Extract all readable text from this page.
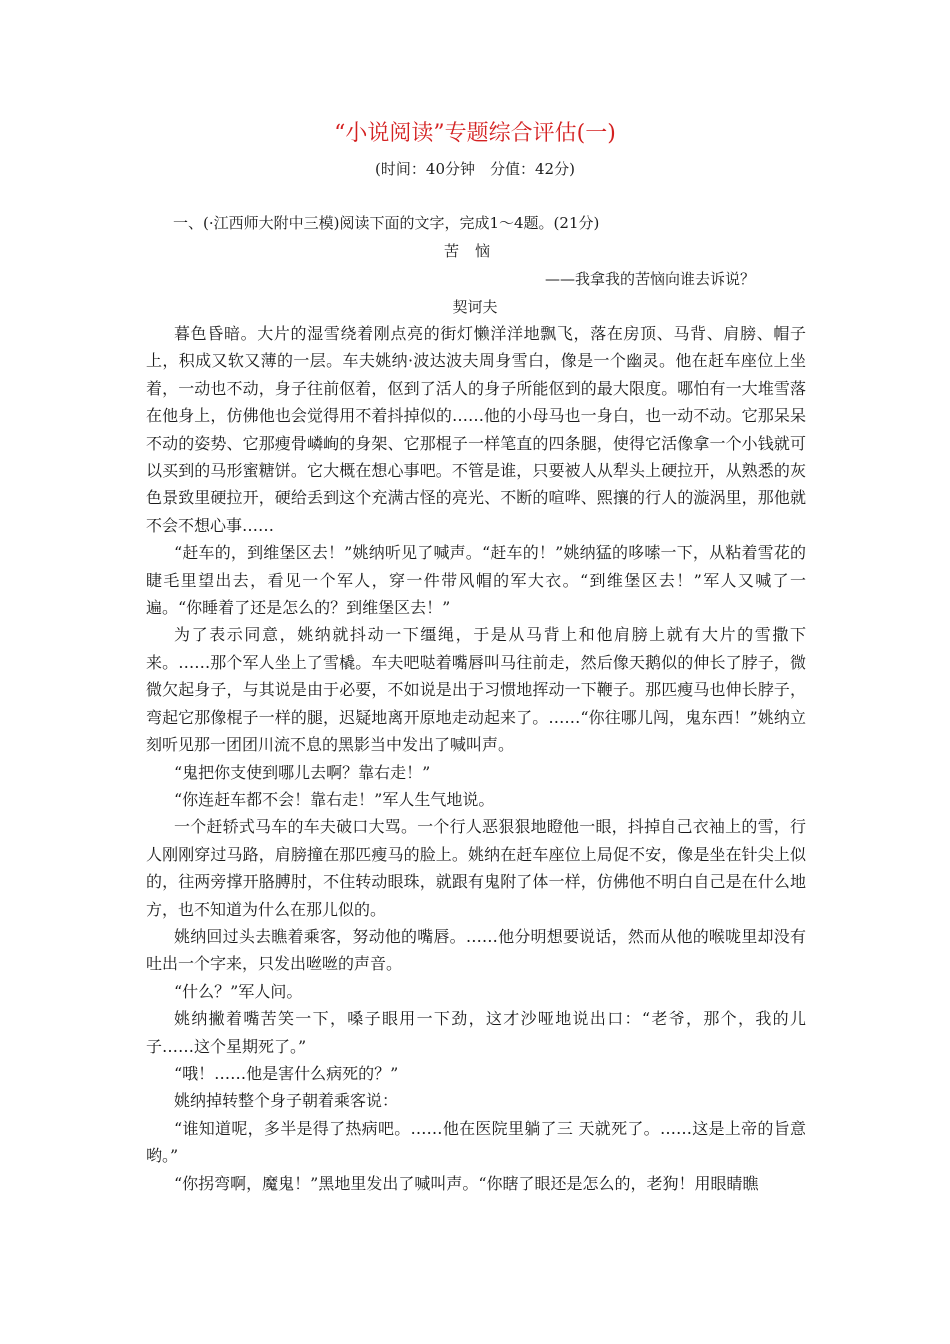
“小说阅读”专题综合评估(一)
(时间：40分钟　分值：42分)
一、(·江西师大附中三模)阅读下面的文字，完成1～4题。(21分)
苦恼
——我拿我的苦恼向谁去诉说？
契诃夫

暮色昏暗。大片的湿雪绕着刚点亮的街灯懒洋洋地飘飞，落在房顶、马背、肩膀、帽子上，积成又软又薄的一层。车夫姚纳·波达波夫周身雪白，像是一个幽灵。他在赶车座位上坐着，一动也不动，身子往前伛着，伛到了活人的身子所能伛到的最大限度。哪怕有一大堆雪落在他身上，仿佛他也会觉得用不着抖掉似的……他的小母马也一身白，也一动不动。它那呆呆不动的姿势、它那瘦骨嶙峋的身架、它那棍子一样笔直的四条腿，使得它活像拿一个小钱就可以买到的马形蜜糖饼。它大概在想心事吧。不管是谁，只要被人从犁头上硬拉开，从熟悉的灰色景致里硬拉开，硬给丢到这个充满古怪的亮光、不断的喧哗、熙攘的行人的漩涡里，那他就不会不想心事……

“赶车的，到维堡区去！”姚纳听见了喊声。“赶车的！”姚纳猛的哆嗦一下，从粘着雪花的睫毛里望出去，看见一个军人，穿一件带风帽的军大衣。“到维堡区去！”军人又喊了一遍。“你睡着了还是怎么的？到维堡区去！”

为了表示同意，姚纳就抖动一下缰绳，于是从马背上和他肩膀上就有大片的雪撒下来。……那个军人坐上了雪橇。车夫吧哒着嘴唇叫马往前走，然后像天鹅似的伸长了脖子，微微欠起身子，与其说是由于必要，不如说是出于习惯地挥动一下鞭子。那匹瘦马也伸长脖子，弯起它那像棍子一样的腿，迟疑地离开原地走动起来了。……“你往哪儿闯，鬼东西！”姚纳立刻听见那一团团川流不息的黑影当中发出了喊叫声。

“鬼把你支使到哪儿去啊？靠右走！”

“你连赶车都不会！靠右走！”军人生气地说。

一个赶轿式马车的车夫破口大骂。一个行人恶狠狠地瞪他一眼，抖掉自己衣袖上的雪，行人刚刚穿过马路，肩膀撞在那匹瘦马的脸上。姚纳在赶车座位上局促不安，像是坐在针尖上似的，往两旁撑开胳膊肘，不住转动眼珠，就跟有鬼附了体一样，仿佛他不明白自己是在什么地方，也不知道为什么在那儿似的。

姚纳回过头去瞧着乘客，努动他的嘴唇。……他分明想要说话，然而从他的喉咙里却没有吐出一个字来，只发出咝咝的声音。

“什么？”军人问。

姚纳撇着嘴苦笑一下，嗓子眼用一下劲，这才沙哑地说出口：“老爷，那个，我的儿子……这个星期死了。”

“哦！……他是害什么病死的？”

姚纳掉转整个身子朝着乘客说：

“谁知道呢，多半是得了热病吧。……他在医院里躺了三 天就死了。……这是上帝的旨意哟。”

“你拐弯啊，魔鬼！”黑地里发出了喊叫声。“你瞎了眼还是怎么的，老狗！用眼睛瞧
